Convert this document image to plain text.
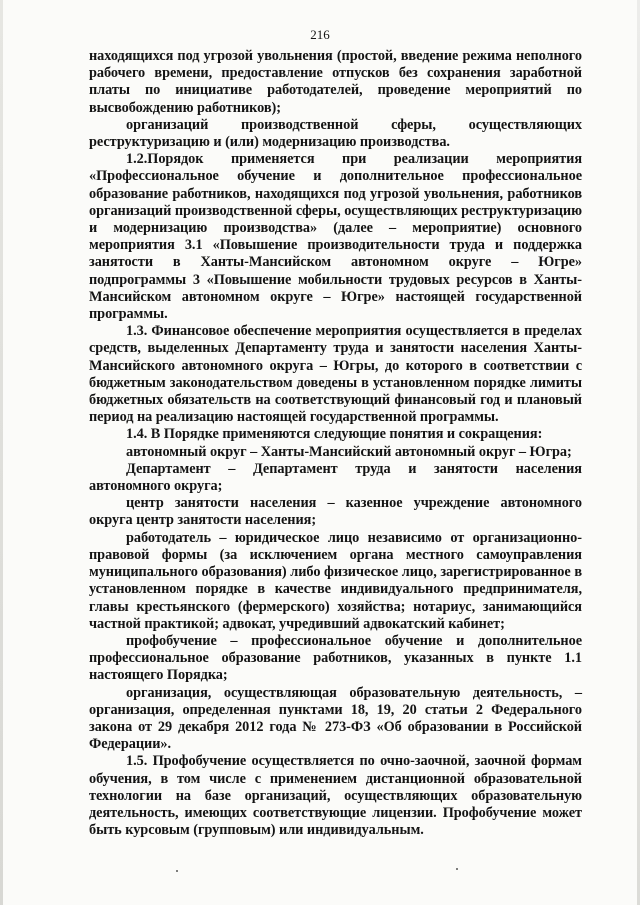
216

находящихся под угрозой увольнения (простой, введение режима неполного рабочего времени, предоставление отпусков без сохранения заработной платы по инициативе работодателей, проведение мероприятий по высвобождению работников);

организаций производственной сферы, осуществляющих реструктуризацию и (или) модернизацию производства.

1.2.Порядок применяется при реализации мероприятия «Профессиональное обучение и дополнительное профессиональное образование работников, находящихся под угрозой увольнения, работников организаций производственной сферы, осуществляющих реструктуризацию и модернизацию производства» (далее – мероприятие) основного мероприятия 3.1 «Повышение производительности труда и поддержка занятости в Ханты-Мансийском автономном округе – Югре» подпрограммы 3 «Повышение мобильности трудовых ресурсов в Ханты-Мансийском автономном округе – Югре» настоящей государственной программы.

1.3. Финансовое обеспечение мероприятия осуществляется в пределах средств, выделенных Департаменту труда и занятости населения Ханты-Мансийского автономного округа – Югры, до которого в соответствии с бюджетным законодательством доведены в установленном порядке лимиты бюджетных обязательств на соответствующий финансовый год и плановый период на реализацию настоящей государственной программы.

1.4. В Порядке применяются следующие понятия и сокращения:

автономный округ – Ханты-Мансийский автономный округ – Югра;

Департамент – Департамент труда и занятости населения автономного округа;

центр занятости населения – казенное учреждение автономного округа центр занятости населения;

работодатель – юридическое лицо независимо от организационно-правовой формы (за исключением органа местного самоуправления муниципального образования) либо физическое лицо, зарегистрированное в установленном порядке в качестве индивидуального предпринимателя, главы крестьянского (фермерского) хозяйства; нотариус, занимающийся частной практикой; адвокат, учредивший адвокатский кабинет;

профобучение – профессиональное обучение и дополнительное профессиональное образование работников, указанных в пункте 1.1 настоящего Порядка;

организация, осуществляющая образовательную деятельность, – организация, определенная пунктами 18, 19, 20 статьи 2 Федерального закона от 29 декабря 2012 года № 273-ФЗ «Об образовании в Российской Федерации».

1.5. Профобучение осуществляется по очно-заочной, заочной формам обучения, в том числе с применением дистанционной образовательной технологии на базе организаций, осуществляющих образовательную деятельность, имеющих соответствующие лицензии. Профобучение может быть курсовым (групповым) или индивидуальным.
